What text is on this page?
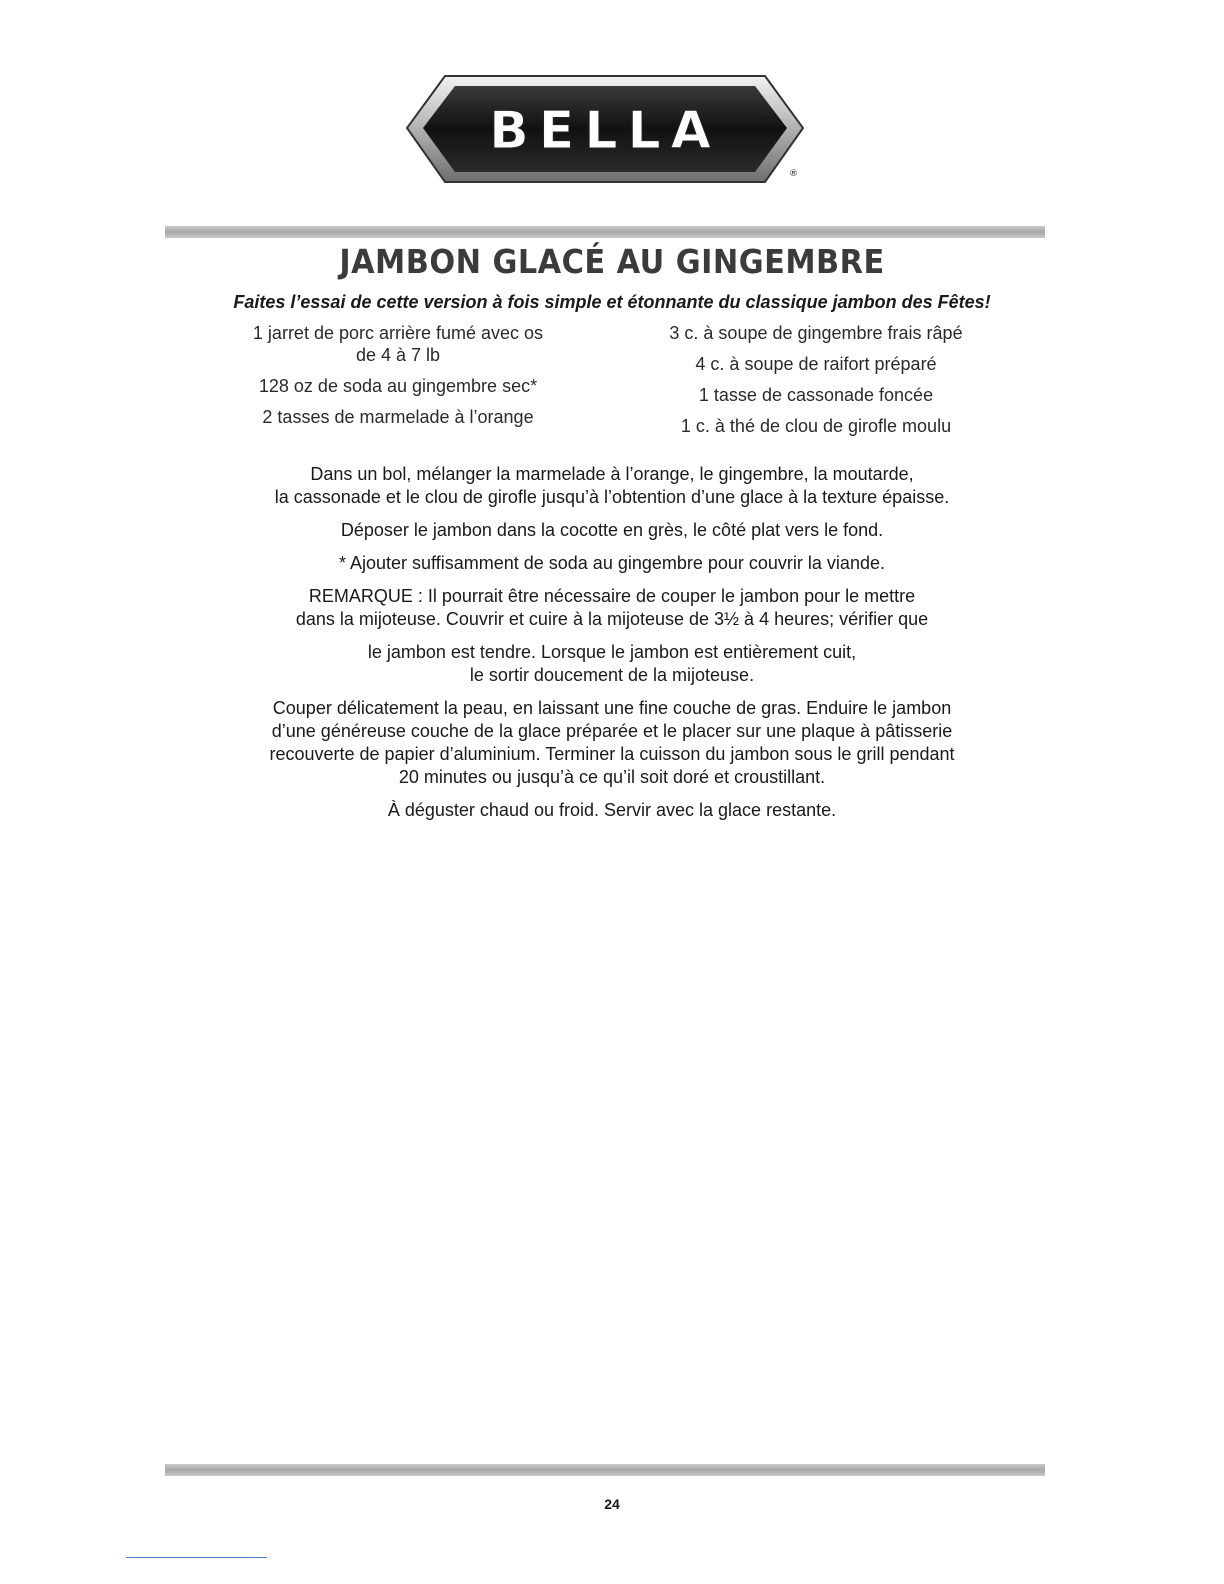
BELLA
®
JAMBON GLACÉ AU GINGEMBRE
Faites l’essai de cette version à fois simple et étonnante du classique jambon des Fêtes!
1 jarret de porc arrière fumé avec os
de 4 à 7 lb
128 oz de soda au gingembre sec*
2 tasses de marmelade à l’orange
3 c. à soupe de gingembre frais râpé
4 c. à soupe de raifort préparé
1 tasse de cassonade foncée
1 c. à thé de clou de girofle moulu

Dans un bol, mélanger la marmelade à l’orange, le gingembre, la moutarde,
la cassonade et le clou de girofle jusqu’à l’obtention d’une glace à la texture épaisse.

Déposer le jambon dans la cocotte en grès, le côté plat vers le fond.

* Ajouter suffisamment de soda au gingembre pour couvrir la viande.

REMARQUE : Il pourrait être nécessaire de couper le jambon pour le mettre
dans la mijoteuse. Couvrir et cuire à la mijoteuse de 3½ à 4 heures; vérifier que

le jambon est tendre. Lorsque le jambon est entièrement cuit,
le sortir doucement de la mijoteuse.

Couper délicatement la peau, en laissant une fine couche de gras. Enduire le jambon
d’une généreuse couche de la glace préparée et le placer sur une plaque à pâtisserie
recouverte de papier d’aluminium. Terminer la cuisson du jambon sous le grill pendant
20 minutes ou jusqu’à ce qu’il soit doré et croustillant.

À déguster chaud ou froid. Servir avec la glace restante.

24
